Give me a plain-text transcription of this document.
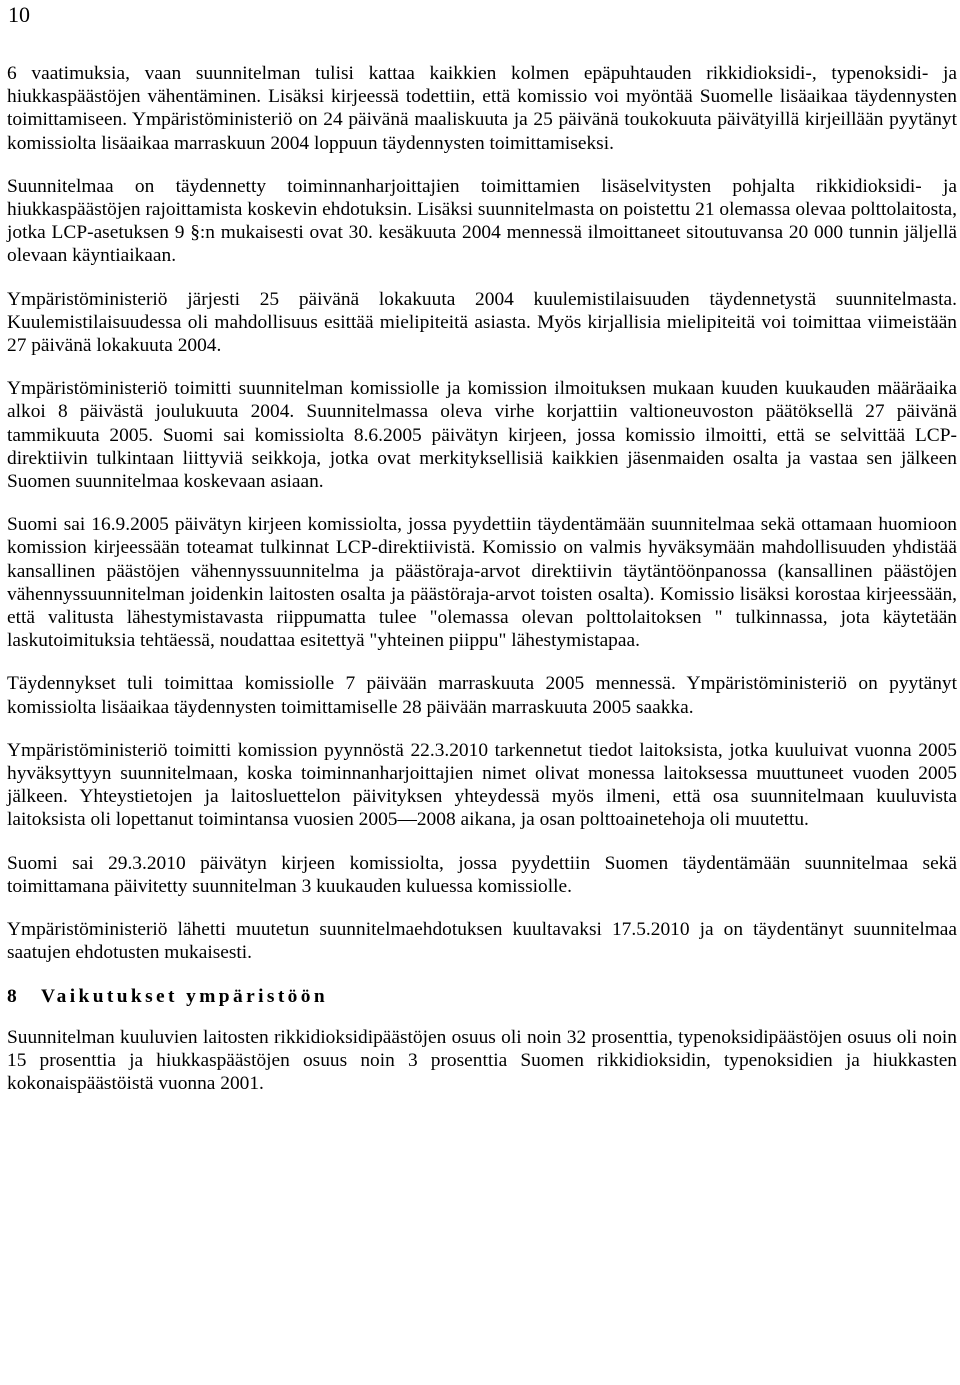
10

6 vaatimuksia, vaan suunnitelman tulisi kattaa kaikkien kolmen epäpuhtauden rikkidioksidi-, typenoksidi- ja hiukkaspäästöjen vähentäminen. Lisäksi kirjeessä todettiin, että komissio voi myöntää Suomelle lisäaikaa täydennysten toimittamiseen. Ympäristöministeriö on 24 päivänä maaliskuuta ja 25 päivänä toukokuuta päivätyillä kirjeillään pyytänyt komissiolta lisäaikaa marraskuun 2004 loppuun täydennysten toimittamiseksi.

Suunnitelmaa on täydennetty toiminnanharjoittajien toimittamien lisäselvitysten pohjalta rikkidioksidi- ja hiukkaspäästöjen rajoittamista koskevin ehdotuksin. Lisäksi suunnitelmasta on poistettu 21 olemassa olevaa polttolaitosta, jotka LCP-asetuksen 9 §:n mukaisesti ovat 30. kesäkuuta 2004 mennessä ilmoittaneet sitoutuvansa 20 000 tunnin jäljellä olevaan käyntiaikaan.

Ympäristöministeriö järjesti 25 päivänä lokakuuta 2004 kuulemistilaisuuden täydennetystä suunnitelmasta. Kuulemistilaisuudessa oli mahdollisuus esittää mielipiteitä asiasta. Myös kirjallisia mielipiteitä voi toimittaa viimeistään 27 päivänä lokakuuta 2004.

Ympäristöministeriö toimitti suunnitelman komissiolle ja komission ilmoituksen mukaan kuuden kuukauden määräaika alkoi 8 päivästä joulukuuta 2004. Suunnitelmassa oleva virhe korjattiin valtioneuvoston päätöksellä 27 päivänä tammikuuta 2005. Suomi sai komissiolta 8.6.2005 päivätyn kirjeen, jossa komissio ilmoitti, että se selvittää LCP-direktiivin tulkintaan liittyviä seikkoja, jotka ovat merkityksellisiä kaikkien jäsenmaiden osalta ja vastaa sen jälkeen Suomen suunnitelmaa koskevaan asiaan.

Suomi sai 16.9.2005 päivätyn kirjeen komissiolta, jossa pyydettiin täydentämään suunnitelmaa sekä ottamaan huomioon komission kirjeessään toteamat tulkinnat LCP-direktiivistä. Komissio on valmis hyväksymään mahdollisuuden yhdistää kansallinen päästöjen vähennyssuunnitelma ja päästöraja-arvot direktiivin täytäntöönpanossa (kansallinen päästöjen vähennyssuunnitelman joidenkin laitosten osalta ja päästöraja-arvot toisten osalta). Komissio lisäksi korostaa kirjeessään, että valitusta lähestymistavasta riippumatta tulee "olemassa olevan polttolaitoksen " tulkinnassa, jota käytetään laskutoimituksia tehtäessä, noudattaa esitettyä "yhteinen piippu" lähestymistapaa.

Täydennykset tuli toimittaa komissiolle 7 päivään marraskuuta 2005 mennessä. Ympäristöministeriö on pyytänyt komissiolta lisäaikaa täydennysten toimittamiselle 28 päivään marraskuuta 2005 saakka.

Ympäristöministeriö toimitti komission pyynnöstä 22.3.2010 tarkennetut tiedot laitoksista, jotka kuuluivat vuonna 2005 hyväksyttyyn suunnitelmaan, koska toiminnanharjoittajien nimet olivat monessa laitoksessa muuttuneet vuoden 2005 jälkeen. Yhteystietojen ja laitosluettelon päivityksen yhteydessä myös ilmeni, että osa suunnitelmaan kuuluvista laitoksista oli lopettanut toimintansa vuosien 2005—2008 aikana, ja osan polttoainetehoja oli muutettu.

Suomi sai 29.3.2010 päivätyn kirjeen komissiolta, jossa pyydettiin Suomen täydentämään suunnitelmaa sekä toimittamana päivitetty suunnitelman 3 kuukauden kuluessa komissiolle.

Ympäristöministeriö lähetti muutetun suunnitelmaehdotuksen kuultavaksi 17.5.2010 ja on täydentänyt suunnitelmaa saatujen ehdotusten mukaisesti.

8 Vaikutukset ympäristöön

Suunnitelman kuuluvien laitosten rikkidioksidipäästöjen osuus oli noin 32 prosenttia, typenoksidipäästöjen osuus oli noin 15 prosenttia ja hiukkaspäästöjen osuus noin 3 prosenttia Suomen rikkidioksidin, typenoksidien ja hiukkasten kokonaispäästöistä vuonna 2001.
